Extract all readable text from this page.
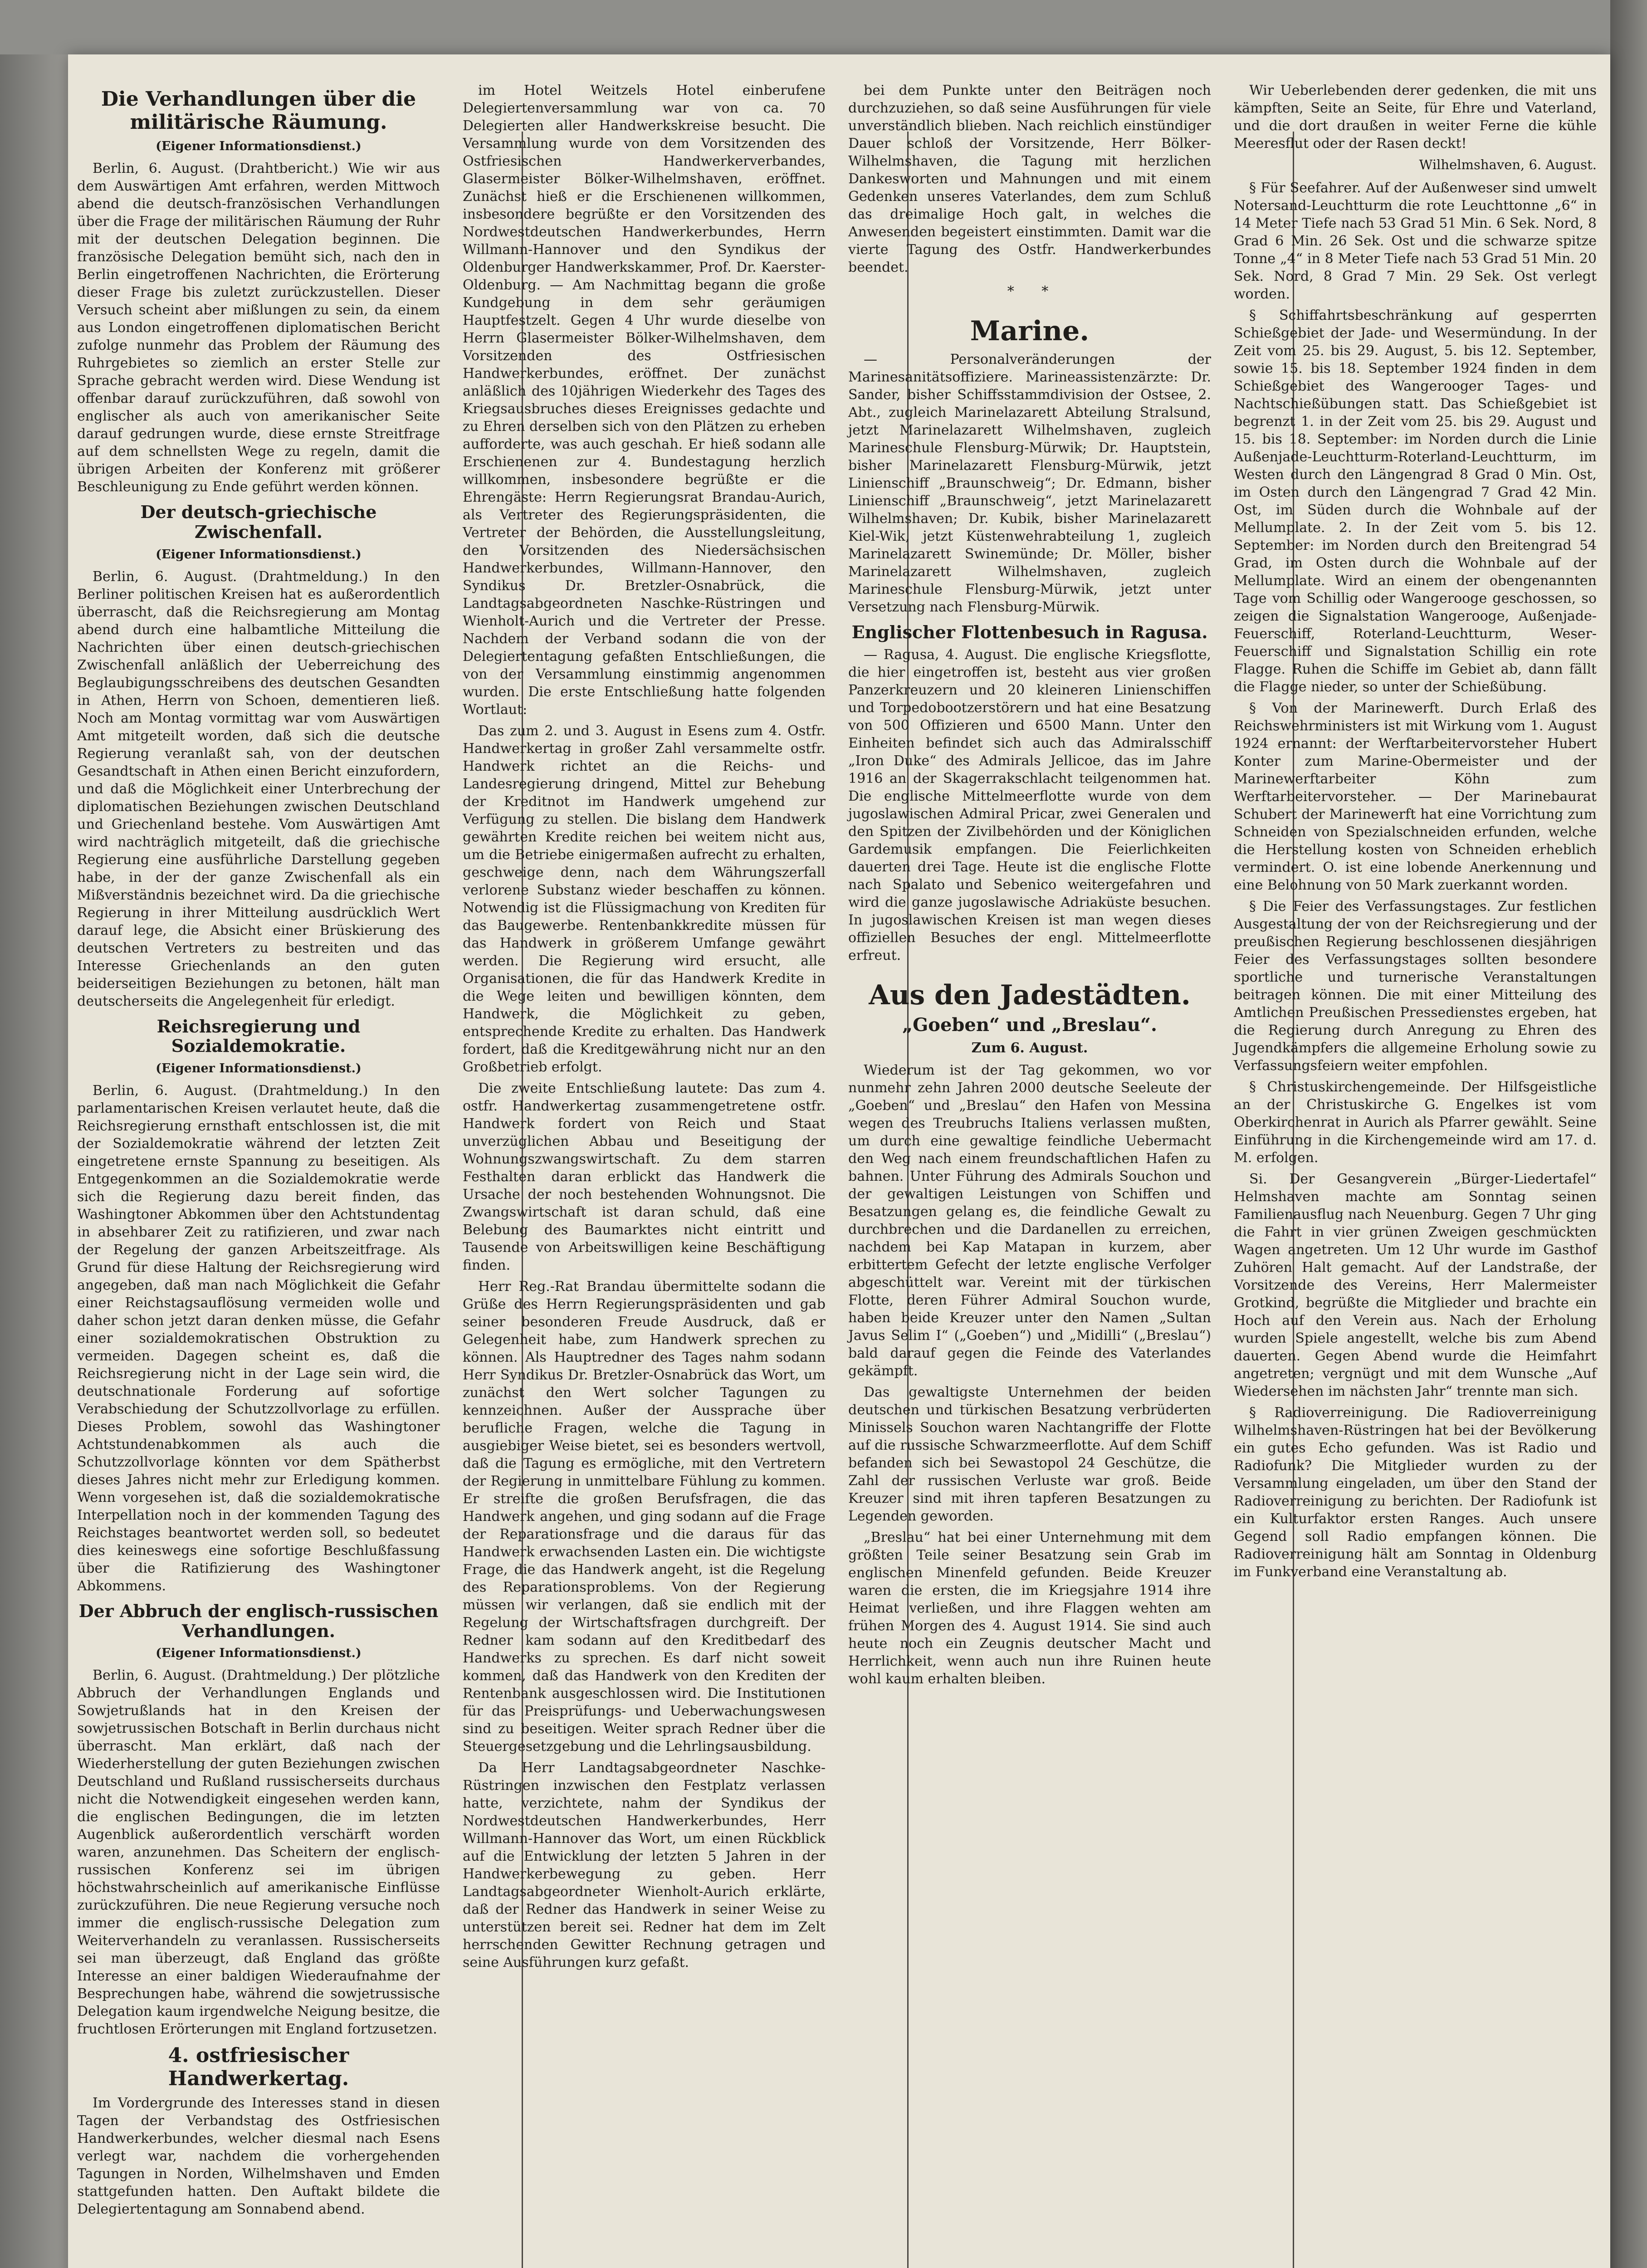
Die Verhandlungen über die militärische Räumung.
(Eigener Informationsdienst.)

Berlin, 6. August. (Drahtbericht.) Wie wir aus dem Auswärtigen Amt erfahren, werden Mittwoch abend die deutsch-französischen Verhandlungen über die Frage der militärischen Räumung der Ruhr mit der deutschen Delegation beginnen. Die französische Delegation bemüht sich, nach den in Berlin eingetroffenen Nachrichten, die Erörterung dieser Frage bis zuletzt zurückzustellen. Dieser Versuch scheint aber mißlungen zu sein, da einem aus London eingetroffenen diplomatischen Bericht zufolge nunmehr das Problem der Räumung des Ruhrgebietes so ziemlich an erster Stelle zur Sprache gebracht werden wird. Diese Wendung ist offenbar darauf zurückzuführen, daß sowohl von englischer als auch von amerikanischer Seite darauf gedrungen wurde, diese ernste Streitfrage auf dem schnellsten Wege zu regeln, damit die übrigen Arbeiten der Konferenz mit größerer Beschleunigung zu Ende geführt werden können.

Der deutsch-griechische Zwischenfall.
(Eigener Informationsdienst.)

Berlin, 6. August. (Drahtmeldung.) In den Berliner politischen Kreisen hat es außerordentlich überrascht, daß die Reichsregierung am Montag abend durch eine halbamtliche Mitteilung die Nachrichten über einen deutsch-griechischen Zwischenfall anläßlich der Ueberreichung des Beglaubigungsschreibens des deutschen Gesandten in Athen, Herrn von Schoen, dementieren ließ. Noch am Montag vormittag war vom Auswärtigen Amt mitgeteilt worden, daß sich die deutsche Regierung veranlaßt sah, von der deutschen Gesandtschaft in Athen einen Bericht einzufordern, und daß die Möglichkeit einer Unterbrechung der diplomatischen Beziehungen zwischen Deutschland und Griechenland bestehe. Vom Auswärtigen Amt wird nachträglich mitgeteilt, daß die griechische Regierung eine ausführliche Darstellung gegeben habe, in der der ganze Zwischenfall als ein Mißverständnis bezeichnet wird. Da die griechische Regierung in ihrer Mitteilung ausdrücklich Wert darauf lege, die Absicht einer Brüskierung des deutschen Vertreters zu bestreiten und das Interesse Griechenlands an den guten beiderseitigen Beziehungen zu betonen, hält man deutscherseits die Angelegenheit für erledigt.

Reichsregierung und Sozialdemokratie.
(Eigener Informationsdienst.)

Berlin, 6. August. (Drahtmeldung.) In den parlamentarischen Kreisen verlautet heute, daß die Reichsregierung ernsthaft entschlossen ist, die mit der Sozialdemokratie während der letzten Zeit eingetretene ernste Spannung zu beseitigen. Als Entgegenkommen an die Sozialdemokratie werde sich die Regierung dazu bereit finden, das Washingtoner Abkommen über den Achtstundentag in absehbarer Zeit zu ratifizieren, und zwar nach der Regelung der ganzen Arbeitszeitfrage. Als Grund für diese Haltung der Reichsregierung wird angegeben, daß man nach Möglichkeit die Gefahr einer Reichstagsauflösung vermeiden wolle und daher schon jetzt daran denken müsse, die Gefahr einer sozialdemokratischen Obstruktion zu vermeiden. Dagegen scheint es, daß die Reichsregierung nicht in der Lage sein wird, die deutschnationale Forderung auf sofortige Verabschiedung der Schutzzollvorlage zu erfüllen. Dieses Problem, sowohl das Washingtoner Achtstundenabkommen als auch die Schutzzollvorlage könnten vor dem Spätherbst dieses Jahres nicht mehr zur Erledigung kommen. Wenn vorgesehen ist, daß die sozialdemokratische Interpellation noch in der kommenden Tagung des Reichstages beantwortet werden soll, so bedeutet dies keineswegs eine sofortige Beschlußfassung über die Ratifizierung des Washingtoner Abkommens.

Der Abbruch der englisch-russischen Verhandlungen.
(Eigener Informationsdienst.)

Berlin, 6. August. (Drahtmeldung.) Der plötzliche Abbruch der Verhandlungen Englands und Sowjetrußlands hat in den Kreisen der sowjetrussischen Botschaft in Berlin durchaus nicht überrascht. Man erklärt, daß nach der Wiederherstellung der guten Beziehungen zwischen Deutschland und Rußland russischerseits durchaus nicht die Notwendigkeit eingesehen werden kann, die englischen Bedingungen, die im letzten Augenblick außerordentlich verschärft worden waren, anzunehmen. Das Scheitern der englisch-russischen Konferenz sei im übrigen höchstwahrscheinlich auf amerikanische Einflüsse zurückzuführen. Die neue Regierung versuche noch immer die englisch-russische Delegation zum Weiterverhandeln zu veranlassen. Russischerseits sei man überzeugt, daß England das größte Interesse an einer baldigen Wiederaufnahme der Besprechungen habe, während die sowjetrussische Delegation kaum irgendwelche Neigung besitze, die fruchtlosen Erörterungen mit England fortzusetzen.

4. ostfriesischer Handwerkertag.

Im Vordergrunde des Interesses stand in diesen Tagen der Verbandstag des Ostfriesischen Handwerkerbundes, welcher diesmal nach Esens verlegt war, nachdem die vorhergehenden Tagungen in Norden, Wilhelmshaven und Emden stattgefunden hatten. Den Auftakt bildete die Delegiertentagung am Sonnabend abend.

im Hotel Weitzels Hotel einberufene Delegiertenversammlung war von ca. 70 Delegierten aller Handwerkskreise besucht. Die Versammlung wurde von dem Vorsitzenden des Ostfriesischen Handwerkerverbandes, Glasermeister Bölker-Wilhelmshaven, eröffnet. Zunächst hieß er die Erschienenen willkommen, insbesondere begrüßte er den Vorsitzenden des Nordwestdeutschen Handwerkerbundes, Herrn Willmann-Hannover und den Syndikus der Oldenburger Handwerkskammer, Prof. Dr. Kaerster-Oldenburg. — Am Nachmittag begann die große Kundgebung in dem sehr geräumigen Hauptfestzelt. Gegen 4 Uhr wurde dieselbe von Herrn Glasermeister Bölker-Wilhelmshaven, dem Vorsitzenden des Ostfriesischen Handwerkerbundes, eröffnet. Der zunächst anläßlich des 10jährigen Wiederkehr des Tages des Kriegsausbruches dieses Ereignisses gedachte und zu Ehren derselben sich von den Plätzen zu erheben aufforderte, was auch geschah. Er hieß sodann alle Erschienenen zur 4. Bundestagung herzlich willkommen, insbesondere begrüßte er die Ehrengäste: Herrn Regierungsrat Brandau-Aurich, als Vertreter des Regierungspräsidenten, die Vertreter der Behörden, die Ausstellungsleitung, den Vorsitzenden des Niedersächsischen Handwerkerbundes, Willmann-Hannover, den Syndikus Dr. Bretzler-Osnabrück, die Landtagsabgeordneten Naschke-Rüstringen und Wienholt-Aurich und die Vertreter der Presse. Nachdem der Verband sodann die von der Delegiertentagung gefaßten Entschließungen, die von der Versammlung einstimmig angenommen wurden. Die erste Entschließung hatte folgenden Wortlaut:

Das zum 2. und 3. August in Esens zum 4. Ostfr. Handwerkertag in großer Zahl versammelte ostfr. Handwerk richtet an die Reichs- und Landesregierung dringend, Mittel zur Behebung der Kreditnot im Handwerk umgehend zur Verfügung zu stellen. Die bislang dem Handwerk gewährten Kredite reichen bei weitem nicht aus, um die Betriebe einigermaßen aufrecht zu erhalten, geschweige denn, nach dem Währungszerfall verlorene Substanz wieder beschaffen zu können. Notwendig ist die Flüssigmachung von Krediten für das Baugewerbe. Rentenbankkredite müssen für das Handwerk in größerem Umfange gewährt werden. Die Regierung wird ersucht, alle Organisationen, die für das Handwerk Kredite in die Wege leiten und bewilligen könnten, dem Handwerk, die Möglichkeit zu geben, entsprechende Kredite zu erhalten. Das Handwerk fordert, daß die Kreditgewährung nicht nur an den Großbetrieb erfolgt.

Die zweite Entschließung lautete: Das zum 4. ostfr. Handwerkertag zusammengetretene ostfr. Handwerk fordert von Reich und Staat unverzüglichen Abbau und Beseitigung der Wohnungszwangswirtschaft. Zu dem starren Festhalten daran erblickt das Handwerk die Ursache der noch bestehenden Wohnungsnot. Die Zwangswirtschaft ist daran schuld, daß eine Belebung des Baumarktes nicht eintritt und Tausende von Arbeitswilligen keine Beschäftigung finden.

Herr Reg.-Rat Brandau übermittelte sodann die Grüße des Herrn Regierungspräsidenten und gab seiner besonderen Freude Ausdruck, daß er Gelegenheit habe, zum Handwerk sprechen zu können. Als Hauptredner des Tages nahm sodann Herr Syndikus Dr. Bretzler-Osnabrück das Wort, um zunächst den Wert solcher Tagungen zu kennzeichnen. Außer der Aussprache über berufliche Fragen, welche die Tagung in ausgiebiger Weise bietet, sei es besonders wertvoll, daß die Tagung es ermögliche, mit den Vertretern der Regierung in unmittelbare Fühlung zu kommen. Er streifte die großen Berufsfragen, die das Handwerk angehen, und ging sodann auf die Frage der Reparationsfrage und die daraus für das Handwerk erwachsenden Lasten ein. Die wichtigste Frage, die das Handwerk angeht, ist die Regelung des Reparationsproblems. Von der Regierung müssen wir verlangen, daß sie endlich mit der Regelung der Wirtschaftsfragen durchgreift. Der Redner kam sodann auf den Kreditbedarf des Handwerks zu sprechen. Es darf nicht soweit kommen, daß das Handwerk von den Krediten der Rentenbank ausgeschlossen wird. Die Institutionen für das Preisprüfungs- und Ueberwachungswesen sind zu beseitigen. Weiter sprach Redner über die Steuergesetzgebung und die Lehrlingsausbildung.

Da Herr Landtagsabgeordneter Naschke-Rüstringen inzwischen den Festplatz verlassen hatte, verzichtete, nahm der Syndikus der Nordwestdeutschen Handwerkerbundes, Herr Willmann-Hannover das Wort, um einen Rückblick auf die Entwicklung der letzten 5 Jahren in der Handwerkerbewegung zu geben. Herr Landtagsabgeordneter Wienholt-Aurich erklärte, daß der Redner das Handwerk in seiner Weise zu unterstützen bereit sei. Redner hat dem im Zelt herrschenden Gewitter Rechnung getragen und seine Ausführungen kurz gefaßt.

bei dem Punkte unter den Beiträgen noch durchzuziehen, so daß seine Ausführungen für viele unverständlich blieben. Nach reichlich einstündiger Dauer schloß der Vorsitzende, Herr Bölker-Wilhelmshaven, die Tagung mit herzlichen Dankesworten und Mahnungen und mit einem Gedenken unseres Vaterlandes, dem zum Schluß das dreimalige Hoch galt, in welches die Anwesenden begeistert einstimmten. Damit war die vierte Tagung des Ostfr. Handwerkerbundes beendet.

*   *
Marine.

— Personalveränderungen der Marinesanitätsoffiziere. Marineassistenzärzte: Dr. Sander, bisher Schiffsstammdivision der Ostsee, 2. Abt., zugleich Marinelazarett Abteilung Stralsund, jetzt Marinelazarett Wilhelmshaven, zugleich Marineschule Flensburg-Mürwik; Dr. Hauptstein, bisher Marinelazarett Flensburg-Mürwik, jetzt Linienschiff „Braunschweig“; Dr. Edmann, bisher Linienschiff „Braunschweig“, jetzt Marinelazarett Wilhelmshaven; Dr. Kubik, bisher Marinelazarett Kiel-Wik, jetzt Küstenwehrabteilung 1, zugleich Marinelazarett Swinemünde; Dr. Möller, bisher Marinelazarett Wilhelmshaven, zugleich Marineschule Flensburg-Mürwik, jetzt unter Versetzung nach Flensburg-Mürwik.

Englischer Flottenbesuch in Ragusa.

— Ragusa, 4. August. Die englische Kriegsflotte, die hier eingetroffen ist, besteht aus vier großen Panzerkreuzern und 20 kleineren Linienschiffen und Torpedobootzerstörern und hat eine Besatzung von 500 Offizieren und 6500 Mann. Unter den Einheiten befindet sich auch das Admiralsschiff „Iron Duke“ des Admirals Jellicoe, das im Jahre 1916 an der Skagerrakschlacht teilgenommen hat. Die englische Mittelmeerflotte wurde von dem jugoslawischen Admiral Pricar, zwei Generalen und den Spitzen der Zivilbehörden und der Königlichen Gardemusik empfangen. Die Feierlichkeiten dauerten drei Tage. Heute ist die englische Flotte nach Spalato und Sebenico weitergefahren und wird die ganze jugoslawische Adriaküste besuchen. In jugoslawischen Kreisen ist man wegen dieses offiziellen Besuches der engl. Mittelmeerflotte erfreut.

Aus den Jadestädten.
„Goeben“ und „Breslau“.
Zum 6. August.

Wiederum ist der Tag gekommen, wo vor nunmehr zehn Jahren 2000 deutsche Seeleute der „Goeben“ und „Breslau“ den Hafen von Messina wegen des Treubruchs Italiens verlassen mußten, um durch eine gewaltige feindliche Uebermacht den Weg nach einem freundschaftlichen Hafen zu bahnen. Unter Führung des Admirals Souchon und der gewaltigen Leistungen von Schiffen und Besatzungen gelang es, die feindliche Gewalt zu durchbrechen und die Dardanellen zu erreichen, nachdem bei Kap Matapan in kurzem, aber erbittertem Gefecht der letzte englische Verfolger abgeschüttelt war. Vereint mit der türkischen Flotte, deren Führer Admiral Souchon wurde, haben beide Kreuzer unter den Namen „Sultan Javus Selim I“ („Goeben“) und „Midilli“ („Breslau“) bald darauf gegen die Feinde des Vaterlandes gekämpft.

Das gewaltigste Unternehmen der beiden deutschen und türkischen Besatzung verbrüderten Minissels Souchon waren Nachtangriffe der Flotte auf die russische Schwarzmeerflotte. Auf dem Schiff befanden sich bei Sewastopol 24 Geschütze, die Zahl der russischen Verluste war groß. Beide Kreuzer sind mit ihren tapferen Besatzungen zu Legenden geworden.

„Breslau“ hat bei einer Unternehmung mit dem größten Teile seiner Besatzung sein Grab im englischen Minenfeld gefunden. Beide Kreuzer waren die ersten, die im Kriegsjahre 1914 ihre Heimat verließen, und ihre Flaggen wehten am frühen Morgen des 4. August 1914. Sie sind auch heute noch ein Zeugnis deutscher Macht und Herrlichkeit, wenn auch nun ihre Ruinen heute wohl kaum erhalten bleiben.

Wir Ueberlebenden derer gedenken, die mit uns kämpften, Seite an Seite, für Ehre und Vaterland, und die dort draußen in weiter Ferne die kühle Meeresflut oder der Rasen deckt!

Wilhelmshaven, 6. August.

§ Für Seefahrer. Auf der Außenweser sind umwelt Notersand-Leuchtturm die rote Leuchttonne „6“ in 14 Meter Tiefe nach 53 Grad 51 Min. 6 Sek. Nord, 8 Grad 6 Min. 26 Sek. Ost und die schwarze spitze Tonne „4“ in 8 Meter Tiefe nach 53 Grad 51 Min. 20 Sek. Nord, 8 Grad 7 Min. 29 Sek. Ost verlegt worden.

§ Schiffahrtsbeschränkung auf gesperrten Schießgebiet der Jade- und Wesermündung. In der Zeit vom 25. bis 29. August, 5. bis 12. September, sowie 15. bis 18. September 1924 finden in dem Schießgebiet des Wangerooger Tages- und Nachtschießübungen statt. Das Schießgebiet ist begrenzt 1. in der Zeit vom 25. bis 29. August und 15. bis 18. September: im Norden durch die Linie Außenjade-Leuchtturm-Roterland-Leuchtturm, im Westen durch den Längengrad 8 Grad 0 Min. Ost, im Osten durch den Längengrad 7 Grad 42 Min. Ost, im Süden durch die Wohnbale auf der Mellumplate. 2. In der Zeit vom 5. bis 12. September: im Norden durch den Breitengrad 54 Grad, im Osten durch die Wohnbale auf der Mellumplate. Wird an einem der obengenannten Tage vom Schillig oder Wangerooge geschossen, so zeigen die Signalstation Wangerooge, Außenjade-Feuerschiff, Roterland-Leuchtturm, Weser-Feuerschiff und Signalstation Schillig ein rote Flagge. Ruhen die Schiffe im Gebiet ab, dann fällt die Flagge nieder, so unter der Schießübung.

§ Von der Marinewerft. Durch Erlaß des Reichswehrministers ist mit Wirkung vom 1. August 1924 ernannt: der Werftarbeitervorsteher Hubert Konter zum Marine-Obermeister und der Marinewerftarbeiter Köhn zum Werftarbeitervorsteher. — Der Marinebaurat Schubert der Marinewerft hat eine Vorrichtung zum Schneiden von Spezialschneiden erfunden, welche die Herstellung kosten von Schneiden erheblich vermindert. O. ist eine lobende Anerkennung und eine Belohnung von 50 Mark zuerkannt worden.

§ Die Feier des Verfassungstages. Zur festlichen Ausgestaltung der von der Reichsregierung und der preußischen Regierung beschlossenen diesjährigen Feier des Verfassungstages sollten besondere sportliche und turnerische Veranstaltungen beitragen können. Die mit einer Mitteilung des Amtlichen Preußischen Pressedienstes ergeben, hat die Regierung durch Anregung zu Ehren des Jugendkämpfers die allgemeine Erholung sowie zu Verfassungsfeiern weiter empfohlen.

§ Christuskirchengemeinde. Der Hilfsgeistliche an der Christuskirche G. Engelkes ist vom Oberkirchenrat in Aurich als Pfarrer gewählt. Seine Einführung in die Kirchengemeinde wird am 17. d. M. erfolgen.

Si. Der Gesangverein „Bürger-Liedertafel“ Helmshaven machte am Sonntag seinen Familienausflug nach Neuenburg. Gegen 7 Uhr ging die Fahrt in vier grünen Zweigen geschmückten Wagen angetreten. Um 12 Uhr wurde im Gasthof Zuhören Halt gemacht. Auf der Landstraße, der Vorsitzende des Vereins, Herr Malermeister Grotkind, begrüßte die Mitglieder und brachte ein Hoch auf den Verein aus. Nach der Erholung wurden Spiele angestellt, welche bis zum Abend dauerten. Gegen Abend wurde die Heimfahrt angetreten; vergnügt und mit dem Wunsche „Auf Wiedersehen im nächsten Jahr“ trennte man sich.

§ Radioverreinigung. Die Radioverreinigung Wilhelmshaven-Rüstringen hat bei der Bevölkerung ein gutes Echo gefunden. Was ist Radio und Radiofunk? Die Mitglieder wurden zu der Versammlung eingeladen, um über den Stand der Radioverreinigung zu berichten. Der Radiofunk ist ein Kulturfaktor ersten Ranges. Auch unsere Gegend soll Radio empfangen können. Die Radioverreinigung hält am Sonntag in Oldenburg im Funkverband eine Veranstaltung ab.
